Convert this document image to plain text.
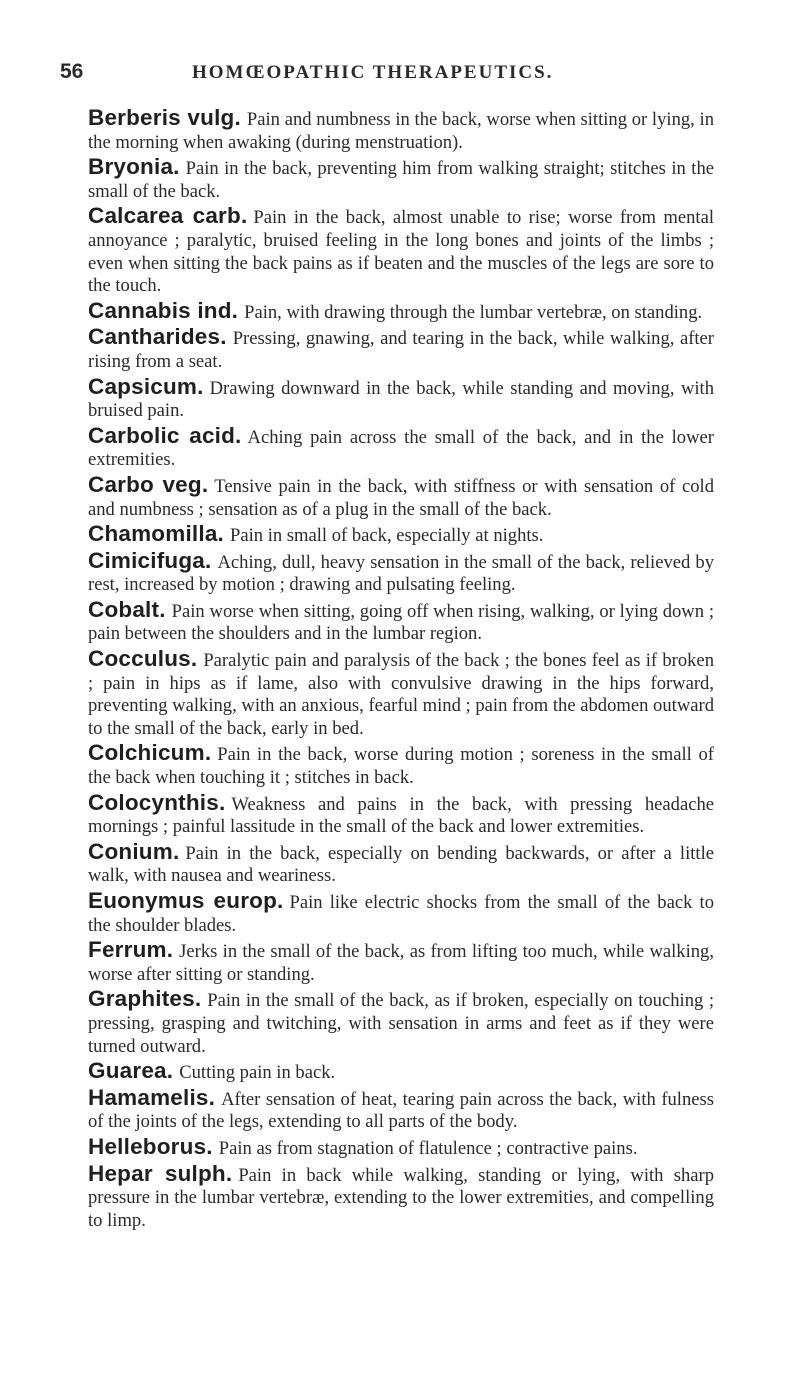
56	HOMŒOPATHIC THERAPEUTICS.

Berberis vulg. Pain and numbness in the back, worse when sitting or lying, in the morning when awaking (during menstruation).

Bryonia. Pain in the back, preventing him from walking straight; stitches in the small of the back.

Calcarea carb. Pain in the back, almost unable to rise; worse from mental annoyance ; paralytic, bruised feeling in the long bones and joints of the limbs ; even when sitting the back pains as if beaten and the muscles of the legs are sore to the touch.

Cannabis ind. Pain, with drawing through the lumbar vertebræ, on standing.

Cantharides. Pressing, gnawing, and tearing in the back, while walking, after rising from a seat.

Capsicum. Drawing downward in the back, while standing and moving, with bruised pain.

Carbolic acid. Aching pain across the small of the back, and in the lower extremities.

Carbo veg. Tensive pain in the back, with stiffness or with sensation of cold and numbness ; sensation as of a plug in the small of the back.

Chamomilla. Pain in small of back, especially at nights.

Cimicifuga. Aching, dull, heavy sensation in the small of the back, relieved by rest, increased by motion ; drawing and pulsating feeling.

Cobalt. Pain worse when sitting, going off when rising, walking, or lying down ; pain between the shoulders and in the lumbar region.

Cocculus. Paralytic pain and paralysis of the back ; the bones feel as if broken ; pain in hips as if lame, also with convulsive drawing in the hips forward, preventing walking, with an anxious, fearful mind ; pain from the abdomen outward to the small of the back, early in bed.

Colchicum. Pain in the back, worse during motion ; soreness in the small of the back when touching it ; stitches in back.

Colocynthis. Weakness and pains in the back, with pressing headache mornings ; painful lassitude in the small of the back and lower extremities.

Conium. Pain in the back, especially on bending backwards, or after a little walk, with nausea and weariness.

Euonymus europ. Pain like electric shocks from the small of the back to the shoulder blades.

Ferrum. Jerks in the small of the back, as from lifting too much, while walking, worse after sitting or standing.

Graphites. Pain in the small of the back, as if broken, especially on touching ; pressing, grasping and twitching, with sensation in arms and feet as if they were turned outward.

Guarea. Cutting pain in back.

Hamamelis. After sensation of heat, tearing pain across the back, with fulness of the joints of the legs, extending to all parts of the body.

Helleborus. Pain as from stagnation of flatulence ; contractive pains.

Hepar sulph. Pain in back while walking, standing or lying, with sharp pressure in the lumbar vertebræ, extending to the lower extremities, and compelling to limp.
